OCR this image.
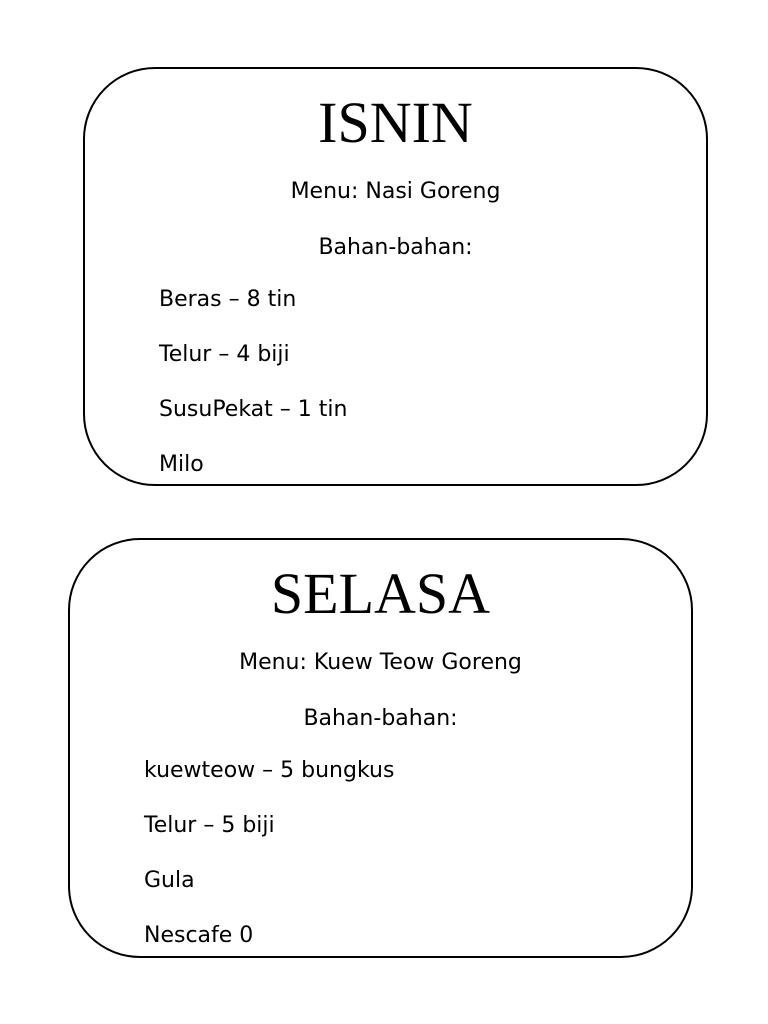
ISNIN
Menu: Nasi Goreng
Bahan-bahan:
Beras – 8 tin
Telur – 4 biji
SusuPekat – 1 tin
Milo
SELASA
Menu: Kuew Teow Goreng
Bahan-bahan:
kuewteow – 5 bungkus
Telur – 5 biji
Gula
Nescafe 0
